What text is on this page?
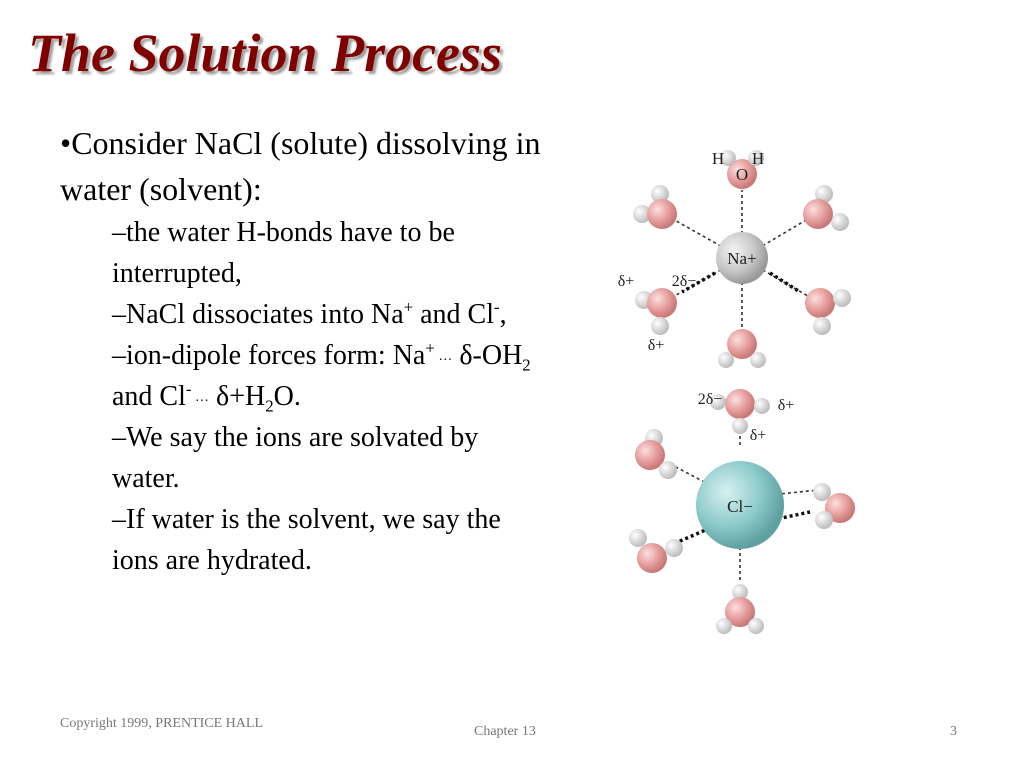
The Solution Process

•Consider NaCl (solute) dissolving in water (solvent):

–the water H-bonds have to be interrupted,

–NaCl dissociates into Na+ and Cl-,

–ion-dipole forces form: Na+ ··· $\delta-OH_2$ and Cl- ··· $\delta+H_2O$.

–We say the ions are solvated by water.

–If water is the solvent, we say the ions are hydrated.

Na+
O
H H
δ+ 2δ−
δ+
Cl−
2δ−	δ+
δ+
Copyright 1999, PRENTICE HALL
Chapter 13	3
